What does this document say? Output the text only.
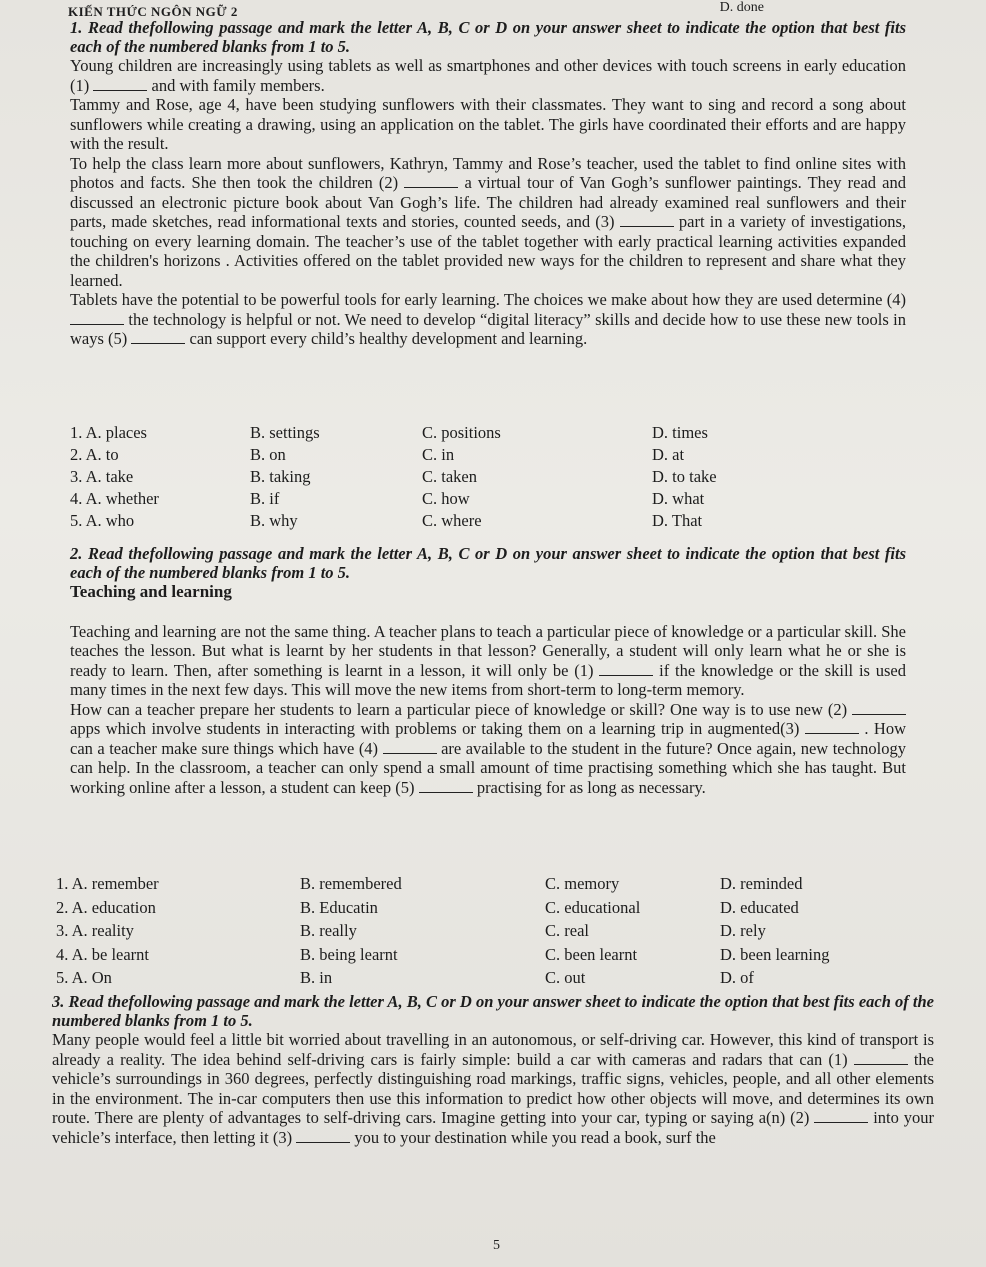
D. done
KIẾN THỨC NGÔN NGỮ 2

1. Read thefollowing passage and mark the letter A, B, C or D on your answer sheet to indicate the option that best fits each of the numbered blanks from 1 to 5.

Young children are increasingly using tablets as well as smartphones and other devices with touch screens in early education (1)	and with family members.

Tammy and Rose, age 4, have been studying sunflowers with their classmates. They want to sing and record a song about sunflowers while creating a drawing, using an application on the tablet. The girls have coordinated their efforts and are happy with the result.

To help the class learn more about sunflowers, Kathryn, Tammy and Rose’s teacher, used the tablet to find online sites with photos and facts. She then took the children (2)	a virtual tour of Van Gogh’s sunflower paintings. They read and discussed an electronic picture book about Van Gogh’s life. The children had already examined real sunflowers and their parts, made sketches, read informational texts and stories, counted seeds, and (3)	part in a variety of investigations, touching on every learning domain. The teacher’s use of the tablet together with early practical learning activities expanded the children's horizons . Activities offered on the tablet provided new ways for the children to represent and share what they learned.

Tablets have the potential to be powerful tools for early learning. The choices we make about how they are used determine (4)  the technology is helpful or not. We need to develop “digital literacy” skills and decide how to use these new tools in ways (5)	can support every child’s healthy development and learning.

1. A. places	B. settings	C. positions	D. times
2. A. to	B. on	C. in	D. at
3. A. take	B. taking	C. taken	D. to take
4. A. whether	B. if	C. how	D. what
5. A. who	B. why	C. where	D. That

2. Read thefollowing passage and mark the letter A, B, C or D on your answer sheet to indicate the option that best fits each of the numbered blanks from 1 to 5.

Teaching and learning

Teaching and learning are not the same thing. A teacher plans to teach a particular piece of knowledge or a particular skill. She teaches the lesson. But what is learnt by her students in that lesson? Generally, a student will only learn what he or she is ready to learn. Then, after something is learnt in a lesson, it will only be (1)	if the knowledge or the skill is used many times in the next few days. This will move the new items from short-term to long-term memory.

How can a teacher prepare her students to learn a particular piece of knowledge or skill? One way is to use new (2)  apps which involve students in interacting with problems or taking them on a learning trip in augmented(3)	. How can a teacher make sure things which have (4)	are available to the student in the future? Once again, new technology can help. In the classroom, a teacher can only spend a small amount of time practising something which she has taught. But working online after a lesson, a student can keep (5)	practising for as long as necessary.

1. A. remember	B. remembered	C. memory	D. reminded
2. A. education	B. Educatin	C. educational	D. educated
3. A. reality	B. really	C. real	D. rely
4. A. be learnt	B. being learnt	C. been learnt	D. been learning
5. A. On	B. in	C. out	D. of

3. Read thefollowing passage and mark the letter A, B, C or D on your answer sheet to indicate the option that best fits each of the numbered blanks from 1 to 5.

Many people would feel a little bit worried about travelling in an autonomous, or self-driving car. However, this kind of transport is already a reality. The idea behind self-driving cars is fairly simple: build a car with cameras and radars that can (1)	the vehicle’s surroundings in 360 degrees, perfectly distinguishing road markings, traffic signs, vehicles, people, and all other elements in the environment. The in-car computers then use this information to predict how other objects will move, and determines its own route. There are plenty of advantages to self-driving cars. Imagine getting into your car, typing or saying a(n) (2)	into your vehicle’s interface, then letting it (3)	you to your destination while you read a book, surf the

5
